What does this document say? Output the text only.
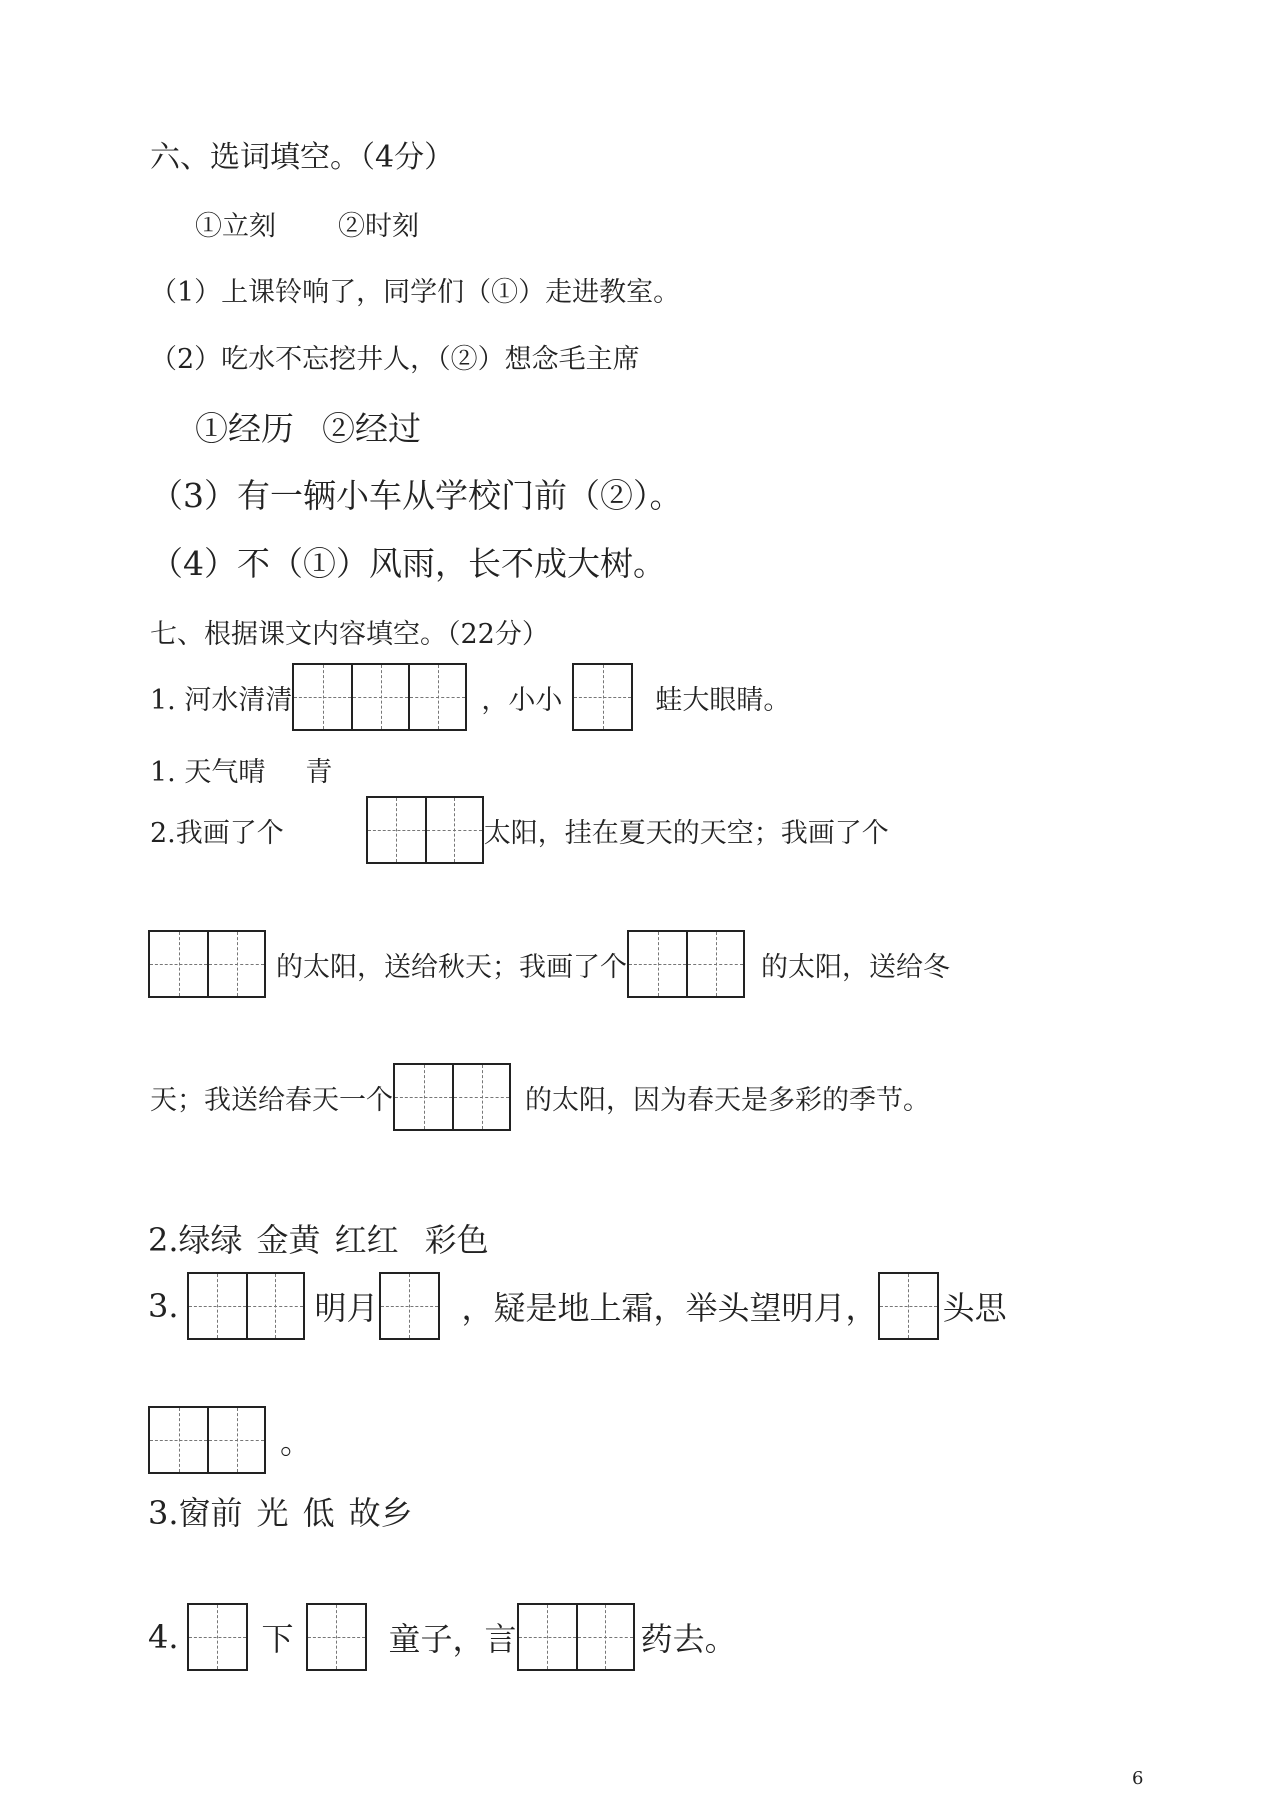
六、选词填空。（4分）
①立刻 ②时刻
（1）上课铃响了，同学们（①）走进教室。
（2）吃水不忘挖井人，（②）想念毛主席
①经历 ②经过
（3）有一辆小车从学校门前（②）。
（4）不（①）风雨，长不成大树。
七、根据课文内容填空。（22分）
1. 河水清清	，小小	蛙大眼睛。
1. 天气晴 青
2.我画了个	太阳，挂在夏天的天空；我画了个
的太阳，送给秋天；我画了个	的太阳，送给冬
天；我送给春天一个	的太阳，因为春天是多彩的季节。
2.绿绿 金黄 红红 彩色
3.	明月	，疑是地上霜，举头望明月， 头思
。
3.窗前 光 低 故乡
4.	下	童子，言	药去。
6
